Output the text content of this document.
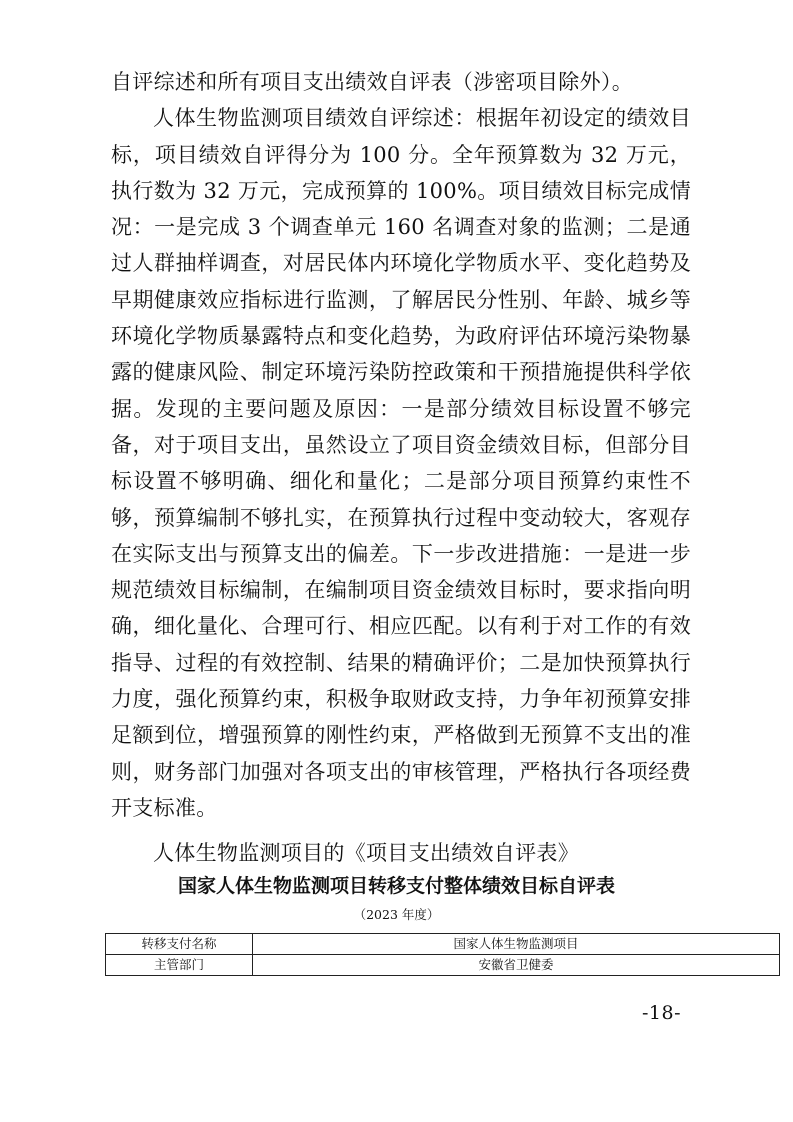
自评综述和所有项目支出绩效自评表（涉密项目除外）。

人体生物监测项目绩效自评综述：根据年初设定的绩效目标，项目绩效自评得分为 100 分。全年预算数为 32 万元，执行数为 32 万元，完成预算的 100%。项目绩效目标完成情况：一是完成 3 个调查单元 160 名调查对象的监测；二是通过人群抽样调查，对居民体内环境化学物质水平、变化趋势及早期健康效应指标进行监测，了解居民分性别、年龄、城乡等环境化学物质暴露特点和变化趋势，为政府评估环境污染物暴露的健康风险、制定环境污染防控政策和干预措施提供科学依据。发现的主要问题及原因：一是部分绩效目标设置不够完备，对于项目支出，虽然设立了项目资金绩效目标，但部分目标设置不够明确、细化和量化；二是部分项目预算约束性不够，预算编制不够扎实，在预算执行过程中变动较大，客观存在实际支出与预算支出的偏差。下一步改进措施：一是进一步规范绩效目标编制，在编制项目资金绩效目标时，要求指向明确，细化量化、合理可行、相应匹配。以有利于对工作的有效指导、过程的有效控制、结果的精确评价；二是加快预算执行力度，强化预算约束，积极争取财政支持，力争年初预算安排足额到位，增强预算的刚性约束，严格做到无预算不支出的准则，财务部门加强对各项支出的审核管理，严格执行各项经费开支标准。

人体生物监测项目的《项目支出绩效自评表》
国家人体生物监测项目转移支付整体绩效目标自评表
（2023 年度）
转移支付名称	国家人体生物监测项目
主管部门	安徽省卫健委
-18-
